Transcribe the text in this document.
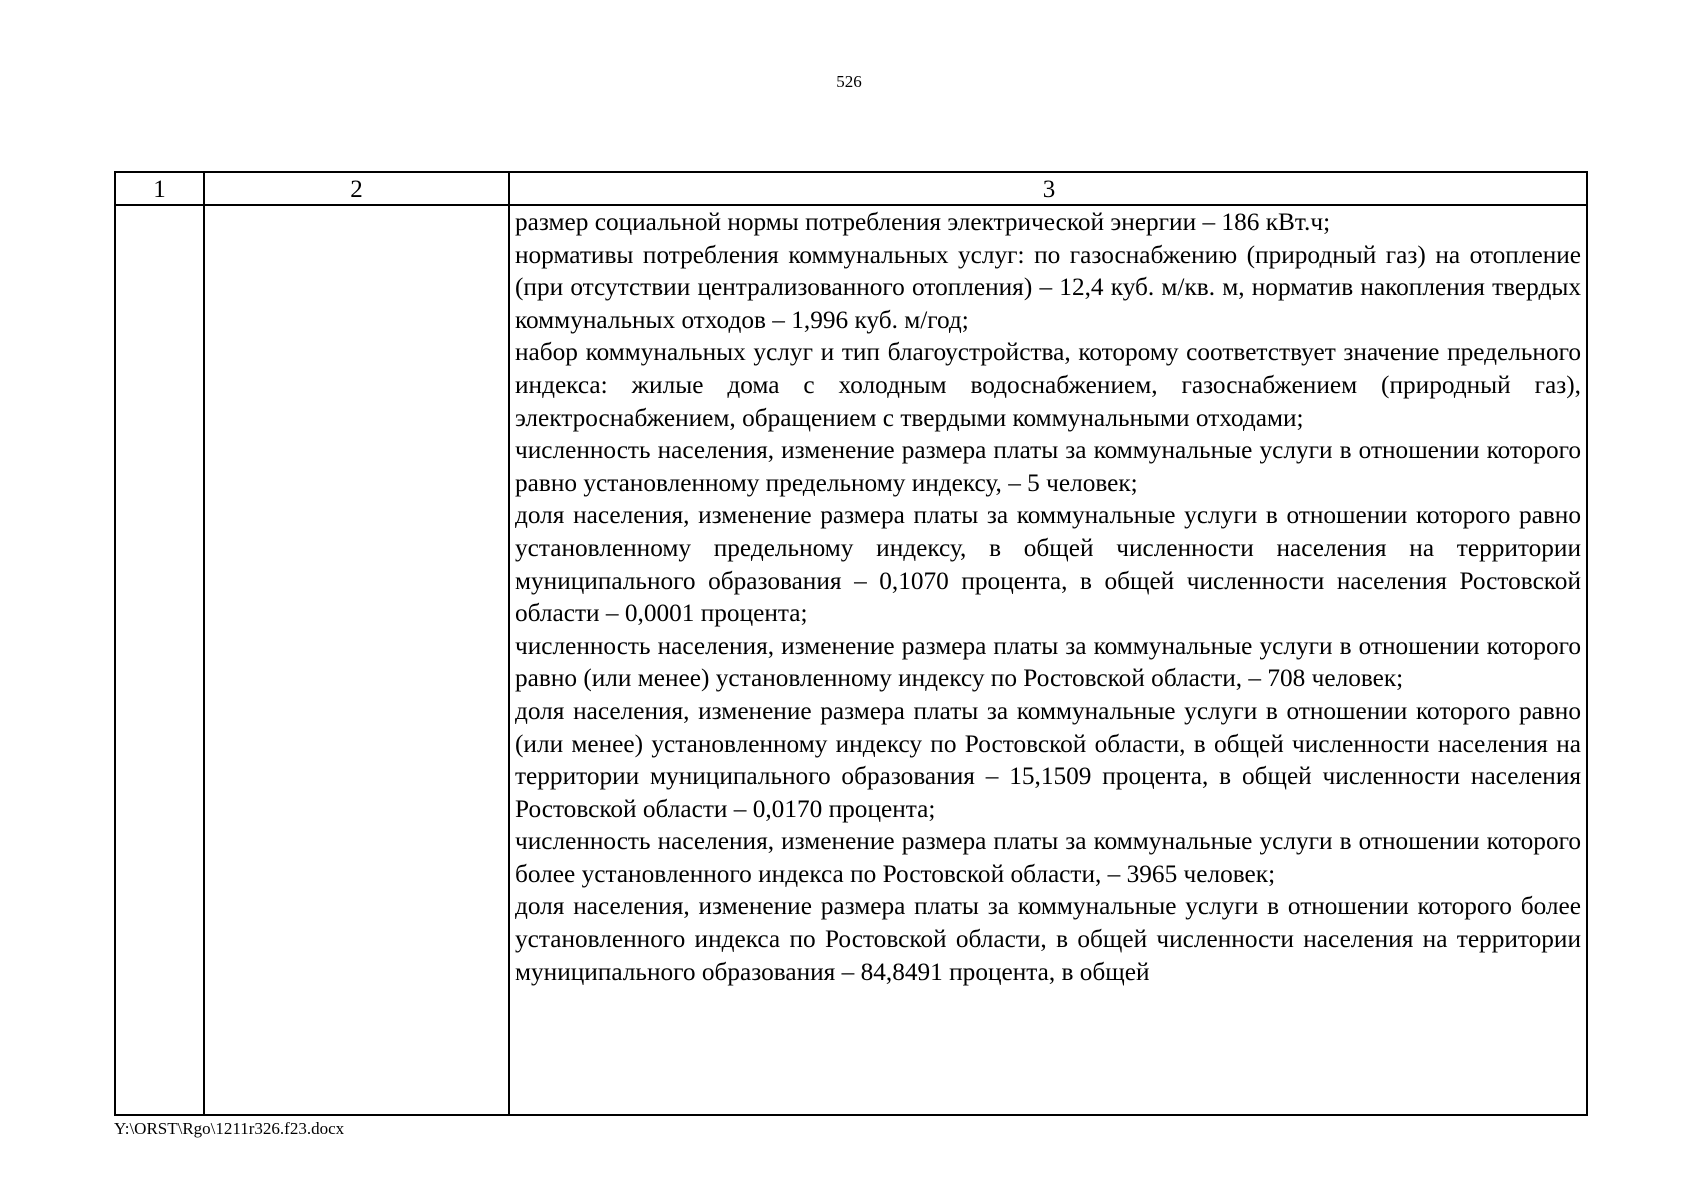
526
1	2	3

размер социальной нормы потребления электрической энергии – 186 кВт.ч;

нормативы потребления коммунальных услуг: по газоснабжению (природный газ) на отопление (при отсутствии централизованного отопления) – 12,4 куб. м/кв. м, норматив накопления твердых коммунальных отходов – 1,996 куб. м/год;

набор коммунальных услуг и тип благоустройства, которому соответствует значение предельного индекса: жилые дома с холодным водоснабжением, газоснабжением (природный газ), электроснабжением, обращением с твердыми коммунальными отходами;

численность населения, изменение размера платы за коммунальные услуги в отношении которого равно установленному предельному индексу, – 5 человек;

доля населения, изменение размера платы за коммунальные услуги в отношении которого равно установленному предельному индексу, в общей численности населения на территории муниципального образования – 0,1070 процента, в общей численности населения Ростовской области – 0,0001 процента;

численность населения, изменение размера платы за коммунальные услуги в отношении которого равно (или менее) установленному индексу по Ростовской области, – 708 человек;

доля населения, изменение размера платы за коммунальные услуги в отношении которого равно (или менее) установленному индексу по Ростовской области, в общей численности населения на территории муниципального образования – 15,1509 процента, в общей численности населения Ростовской области – 0,0170 процента;

численность населения, изменение размера платы за коммунальные услуги в отношении которого более установленного индекса по Ростовской области, – 3965 человек;

доля населения, изменение размера платы за коммунальные услуги в отношении которого более установленного индекса по Ростовской области, в общей численности населения на территории муниципального образования – 84,8491 процента, в общей

Y:\ORST\Rgo\1211r326.f23.docx
